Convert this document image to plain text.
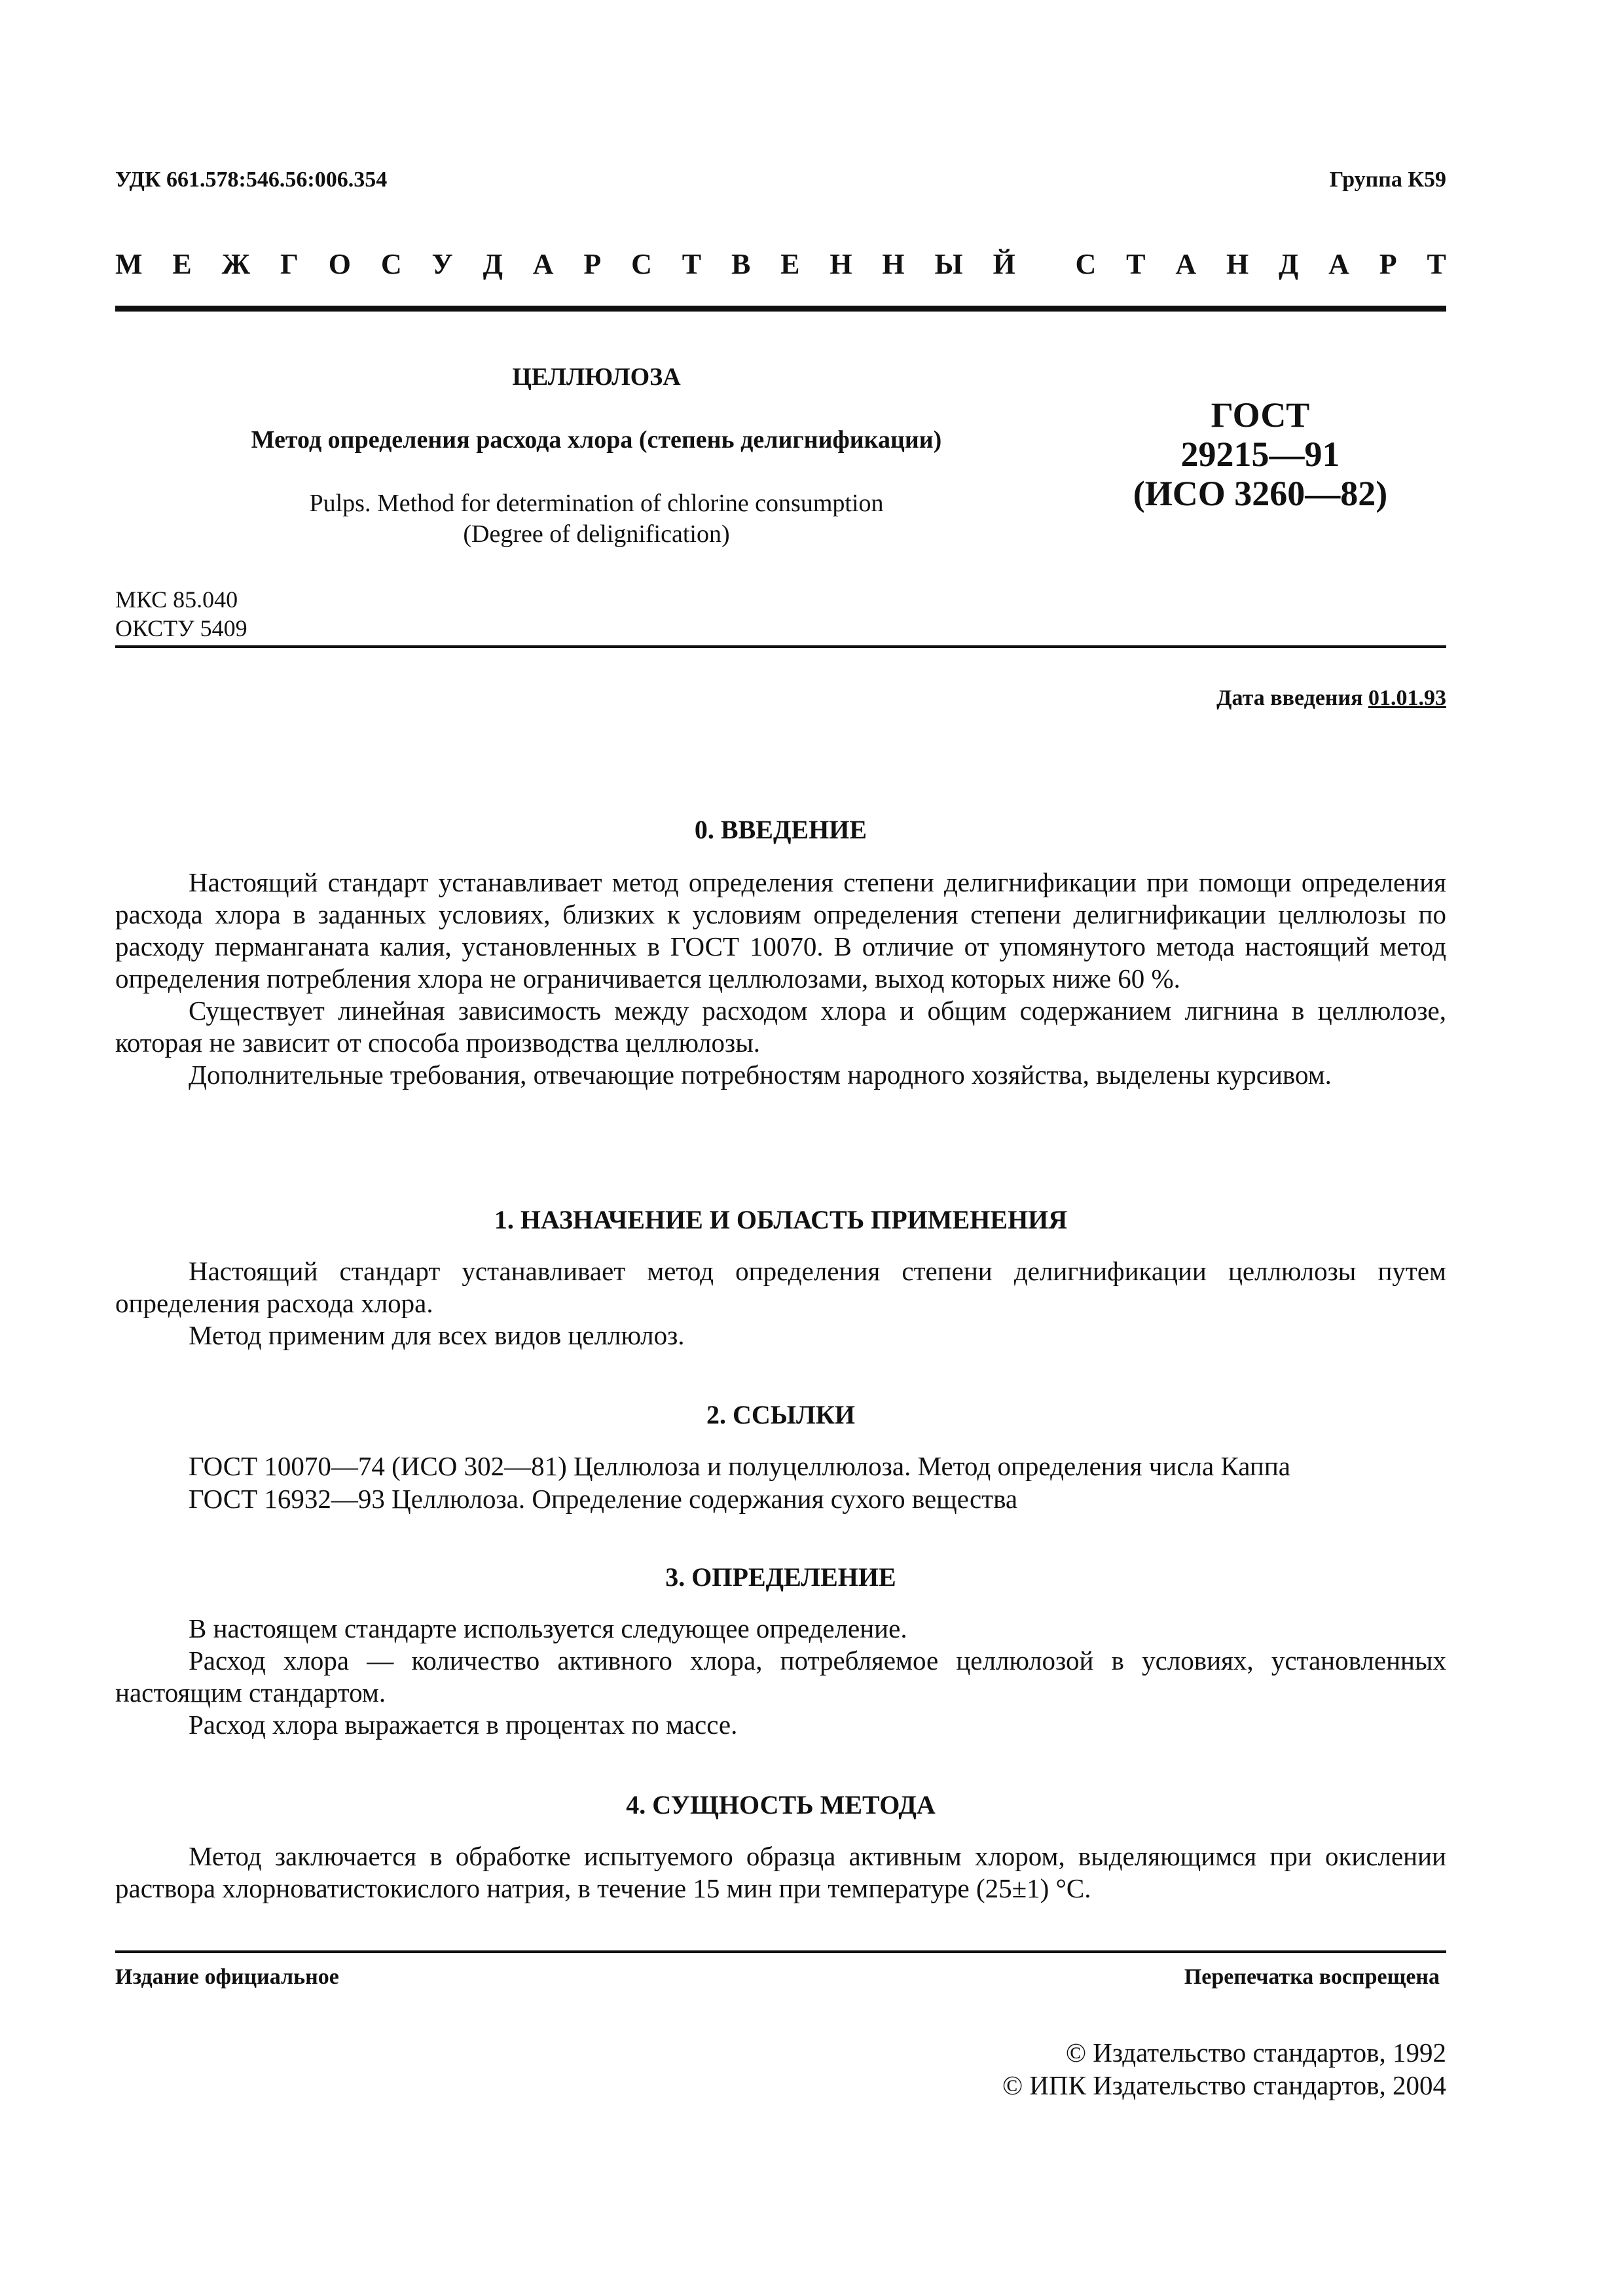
УДК 661.578:546.56:006.354	Группа К59
М Е Ж Г О С У Д А Р С Т В Е Н Н Ы Й С Т А Н Д А Р Т
ЦЕЛЛЮЛОЗА
Метод определения расхода хлора (степень делигнификации)
Pulps. Method for determination of chlorine consumption
(Degree of delignification)
ГОСТ
29215—91
(ИСО 3260—82)
МКС 85.040
ОКСТУ 5409
Дата введения 01.01.93
0. ВВЕДЕНИЕ
Настоящий стандарт устанавливает метод определения степени делигнификации при помощи определения расхода хлора в заданных условиях, близких к условиям определения степени делигнификации целлюлозы по расходу перманганата калия, установленных в ГОСТ 10070. В отличие от упомянутого метода настоящий метод определения потребления хлора не ограничивается целлюлозами, выход которых ниже 60 %.
Существует линейная зависимость между расходом хлора и общим содержанием лигнина в целлюлозе, которая не зависит от способа производства целлюлозы.
Дополнительные требования, отвечающие потребностям народного хозяйства, выделены курсивом.
1. НАЗНАЧЕНИЕ И ОБЛАСТЬ ПРИМЕНЕНИЯ
Настоящий стандарт устанавливает метод определения степени делигнификации целлюлозы путем определения расхода хлора.
Метод применим для всех видов целлюлоз.
2. ССЫЛКИ
ГОСТ 10070—74 (ИСО 302—81) Целлюлоза и полуцеллюлоза. Метод определения числа Каппа
ГОСТ 16932—93 Целлюлоза. Определение содержания сухого вещества
3. ОПРЕДЕЛЕНИЕ
В настоящем стандарте используется следующее определение.
Расход хлора — количество активного хлора, потребляемое целлюлозой в условиях, установленных настоящим стандартом.
Расход хлора выражается в процентах по массе.
4. СУЩНОСТЬ МЕТОДА
Метод заключается в обработке испытуемого образца активным хлором, выделяющимся при окислении раствора хлорноватистокислого натрия, в течение 15 мин при температуре (25±1) °С.
Издание официальное	Перепечатка воспрещена
© Издательство стандартов, 1992
© ИПК Издательство стандартов, 2004
